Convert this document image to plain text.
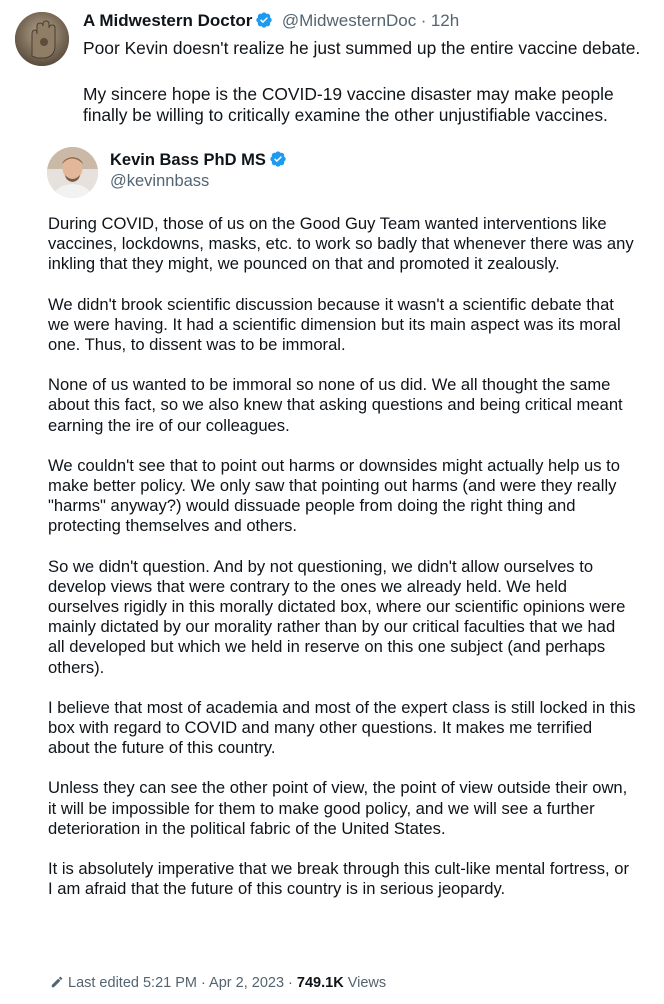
A Midwestern Doctor @MidwesternDoc · 12h

Poor Kevin doesn't realize he just summed up the entire vaccine debate.

My sincere hope is the COVID-19 vaccine disaster may make people finally be willing to critically examine the other unjustifiable vaccines.

Kevin Bass PhD MS
@kevinnbass

During COVID, those of us on the Good Guy Team wanted interventions like vaccines, lockdowns, masks, etc. to work so badly that whenever there was any inkling that they might, we pounced on that and promoted it zealously.

We didn't brook scientific discussion because it wasn't a scientific debate that we were having. It had a scientific dimension but its main aspect was its moral one. Thus, to dissent was to be immoral.

None of us wanted to be immoral so none of us did. We all thought the same about this fact, so we also knew that asking questions and being critical meant earning the ire of our colleagues.

We couldn't see that to point out harms or downsides might actually help us to make better policy. We only saw that pointing out harms (and were they really "harms" anyway?) would dissuade people from doing the right thing and protecting themselves and others.

So we didn't question. And by not questioning, we didn't allow ourselves to develop views that were contrary to the ones we already held. We held ourselves rigidly in this morally dictated box, where our scientific opinions were mainly dictated by our morality rather than by our critical faculties that we had all developed but which we held in reserve on this one subject (and perhaps others).

I believe that most of academia and most of the expert class is still locked in this box with regard to COVID and many other questions. It makes me terrified about the future of this country.

Unless they can see the other point of view, the point of view outside their own, it will be impossible for them to make good policy, and we will see a further deterioration in the political fabric of the United States.

It is absolutely imperative that we break through this cult-like mental fortress, or I am afraid that the future of this country is in serious jeopardy.

Last edited 5:21 PM · Apr 2, 2023 · 749.1K Views
